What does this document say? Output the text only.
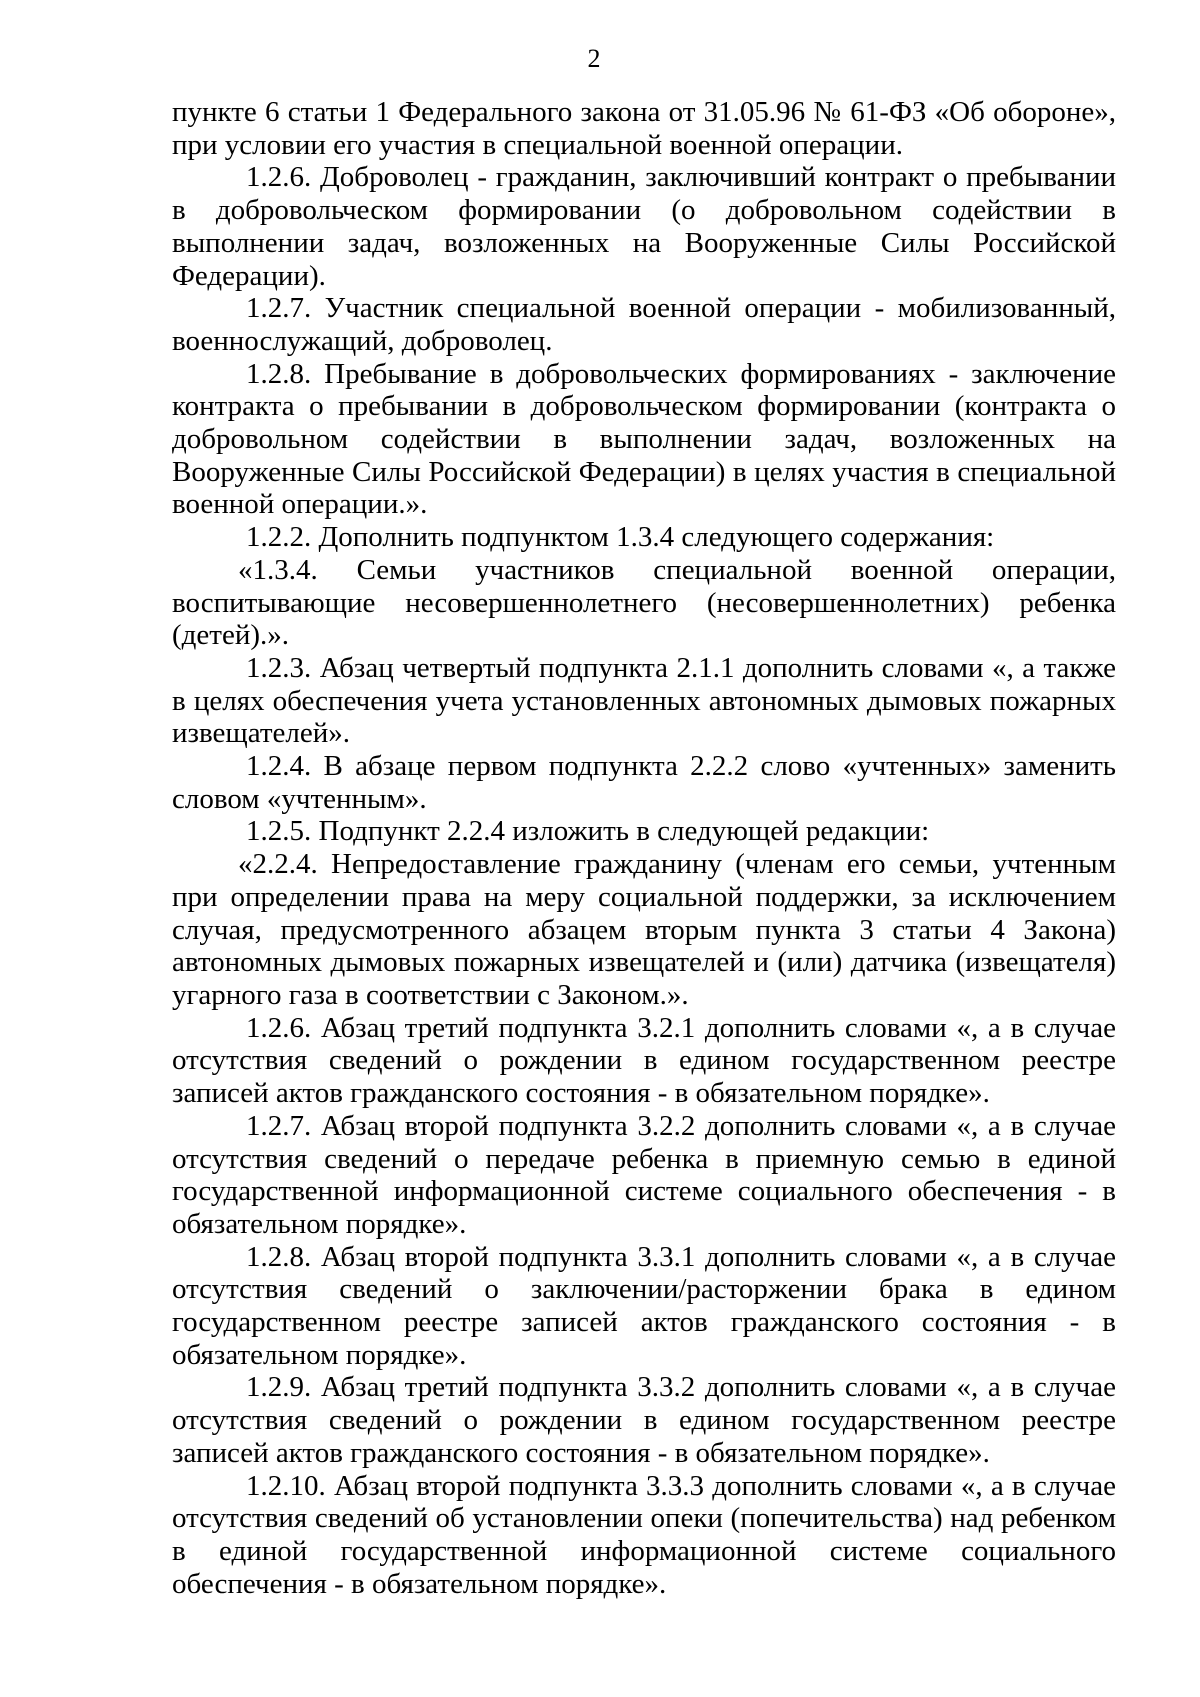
2

пункте 6 статьи 1 Федерального закона от 31.05.96 № 61-ФЗ «Об обороне», при условии его участия в специальной военной операции.

1.2.6. Доброволец - гражданин, заключивший контракт о пребывании в добровольческом формировании (о добровольном содействии в выполнении задач, возложенных на Вооруженные Силы Российской Федерации).

1.2.7. Участник специальной военной операции - мобилизованный, военнослужащий, доброволец.

1.2.8. Пребывание в добровольческих формированиях - заключение контракта о пребывании в добровольческом формировании (контракта о добровольном содействии в выполнении задач, возложенных на Вооруженные Силы Российской Федерации) в целях участия в специальной военной операции.».

1.2.2. Дополнить подпунктом 1.3.4 следующего содержания:

«1.3.4. Семьи участников специальной военной операции, воспитывающие несовершеннолетнего (несовершеннолетних) ребенка (детей).».

1.2.3. Абзац четвертый подпункта 2.1.1 дополнить словами «, а также в целях обеспечения учета установленных автономных дымовых пожарных извещателей».

1.2.4. В абзаце первом подпункта 2.2.2 слово «учтенных» заменить словом «учтенным».

1.2.5. Подпункт 2.2.4 изложить в следующей редакции:

«2.2.4. Непредоставление гражданину (членам его семьи, учтенным при определении права на меру социальной поддержки, за исключением случая, предусмотренного абзацем вторым пункта 3 статьи 4 Закона) автономных дымовых пожарных извещателей и (или) датчика (извещателя) угарного газа в соответствии с Законом.».

1.2.6. Абзац третий подпункта 3.2.1 дополнить словами «, а в случае отсутствия сведений о рождении в едином государственном реестре записей актов гражданского состояния - в обязательном порядке».

1.2.7. Абзац второй подпункта 3.2.2 дополнить словами «, а в случае отсутствия сведений о передаче ребенка в приемную семью в единой государственной информационной системе социального обеспечения - в обязательном порядке».

1.2.8. Абзац второй подпункта 3.3.1 дополнить словами «, а в случае отсутствия сведений о заключении/расторжении брака в едином государственном реестре записей актов гражданского состояния - в обязательном порядке».

1.2.9. Абзац третий подпункта 3.3.2 дополнить словами «, а в случае отсутствия сведений о рождении в едином государственном реестре записей актов гражданского состояния - в обязательном порядке».

1.2.10. Абзац второй подпункта 3.3.3 дополнить словами «, а в случае отсутствия сведений об установлении опеки (попечительства) над ребенком в единой государственной информационной системе социального обеспечения - в обязательном порядке».
